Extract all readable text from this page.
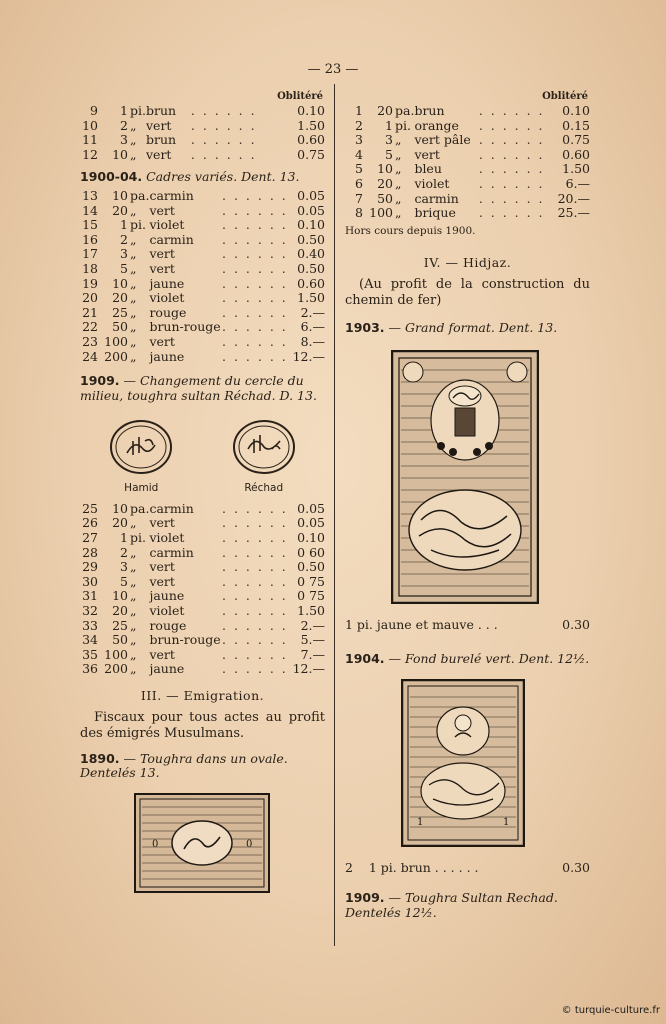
— 23 —
Oblitéré
9	1	pi.	brun	. . . . . .	0.10
10	2	„	vert	. . . . . .	1.50
11	3	„	brun	. . . . . .	0.60
12	10	„	vert	. . . . . .	0.75
1900-04. Cadres variés. Dent. 13.
13	10	pa.	carmin	. . . . . .	0.05
14	20	„	vert	. . . . . .	0.05
15	1	pi.	violet	. . . . . .	0.10
16	2	„	carmin	. . . . . .	0.50
17	3	„	vert	. . . . . .	0.40
18	5	„	vert	. . . . . .	0.50
19	10	„	jaune	. . . . . .	0.60
20	20	„	violet	. . . . . .	1.50
21	25	„	rouge	. . . . . .	2.—
22	50	„	brun-rouge	. . . . . .	6.—
23	100	„	vert	. . . . . .	8.—
24	200	„	jaune	. . . . . .	12.—
1909. — Changement du cercle du milieu, toughra sultan Réchad. D. 13.
Hamid	Réchad
25	10	pa.	carmin	. . . . . .	0.05
26	20	„	vert	. . . . . .	0.05
27	1	pi.	violet	. . . . . .	0.10
28	2	„	carmin	. . . . . .	0 60
29	3	„	vert	. . . . . .	0.50
30	5	„	vert	. . . . . .	0 75
31	10	„	jaune	. . . . . .	0 75
32	20	„	violet	. . . . . .	1.50
33	25	„	rouge	. . . . . .	2.—
34	50	„	brun-rouge	. . . . . .	5.—
35	100	„	vert	. . . . . .	7.—
36	200	„	jaune	. . . . . .	12.—
III. — Emigration.
Fiscaux pour tous actes au profit des émigrés Musulmans.
1890. — Toughra dans un ovale. Dentelés 13.
0	0
Oblitéré
1	20	pa.	brun	. . . . . .	0.10
2	1	pi.	orange	. . . . . .	0.15
3	3	„	vert pâle	. . . . . .	0.75
4	5	„	vert	. . . . . .	0.60
5	10	„	bleu	. . . . . .	1.50
6	20	„	violet	. . . . . .	6.—
7	50	„	carmin	. . . . . .	20.—
8	100	„	brique	. . . . . .	25.—
Hors cours depuis 1900.
IV. — Hidjaz.
(Au profit de la construction du chemin de fer)
1903. — Grand format. Dent. 13.
1 pi. jaune et mauve . . .	0.30
1904. — Fond burelé vert. Dent. 12½.
1	1
2 1 pi. brun . . . . . .	0.30
1909. — Toughra Sultan Rechad. Dentelés 12½.
© turquie-culture.fr
